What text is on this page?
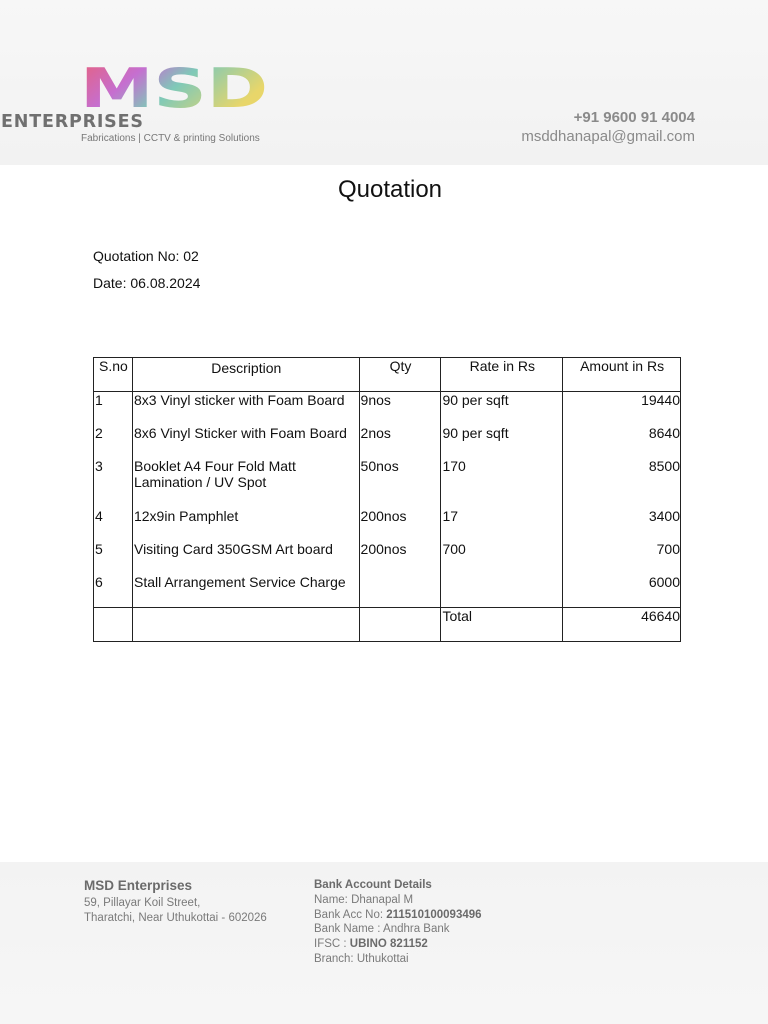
MSD
ENTERPRISES
Fabrications | CCTV & printing Solutions
+91 9600 91 4004
msddhanapal@gmail.com
Quotation
Quotation No: 02
Date: 06.08.2024
S.no	Description	Qty	Rate in Rs	Amount in Rs
1	8x3 Vinyl sticker with Foam Board	9nos	90 per sqft	19440
2	8x6 Vinyl Sticker with Foam Board	2nos	90 per sqft	8640
3	Booklet A4 Four Fold Matt Lamination / UV Spot	50nos	170	8500
4	12x9in Pamphlet	200nos	17	3400
5	Visiting Card 350GSM Art board	200nos	700	700
6	Stall Arrangement Service Charge			6000
			Total	46640
MSD Enterprises
59, Pillayar Koil Street,
Tharatchi, Near Uthukottai - 602026
Bank Account Details
Name: Dhanapal M
Bank Acc No: 211510100093496
Bank Name : Andhra Bank
IFSC : UBINO 821152
Branch: Uthukottai
